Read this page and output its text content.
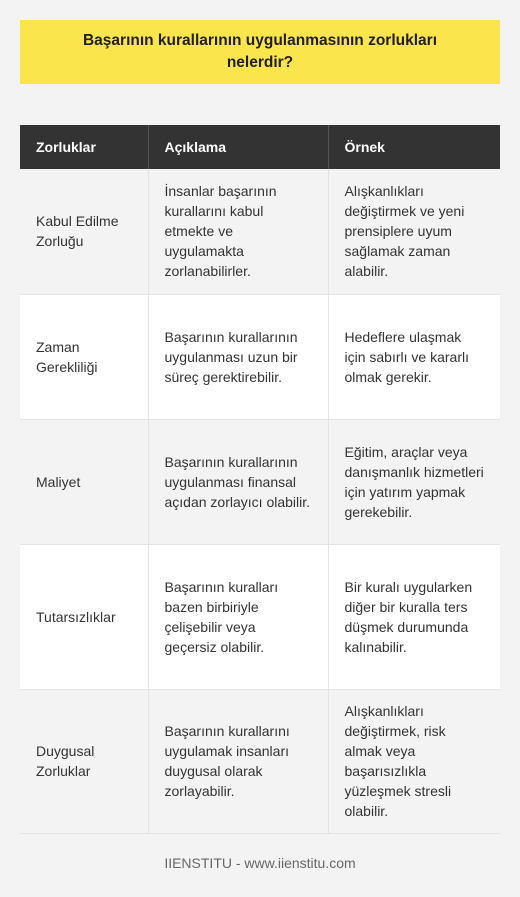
Başarının kurallarının uygulanmasının zorlukları nelerdir?
Zorluklar	Açıklama	Örnek
Kabul Edilme Zorluğu	İnsanlar başarının kurallarını kabul etmekte ve uygulamakta zorlanabilirler.	Alışkanlıkları değiştirmek ve yeni prensiplere uyum sağlamak zaman alabilir.
Zaman Gerekliliği	Başarının kurallarının uygulanması uzun bir süreç gerektirebilir.	Hedeflere ulaşmak için sabırlı ve kararlı olmak gerekir.
Maliyet	Başarının kurallarının uygulanması finansal açıdan zorlayıcı olabilir.	Eğitim, araçlar veya danışmanlık hizmetleri için yatırım yapmak gerekebilir.
Tutarsızlıklar	Başarının kuralları bazen birbiriyle çelişebilir veya geçersiz olabilir.	Bir kuralı uygularken diğer bir kuralla ters düşmek durumunda kalınabilir.
Duygusal Zorluklar	Başarının kurallarını uygulamak insanları duygusal olarak zorlayabilir.	Alışkanlıkları değiştirmek, risk almak veya başarısızlıkla yüzleşmek stresli olabilir.
IIENSTITU - www.iienstitu.com
